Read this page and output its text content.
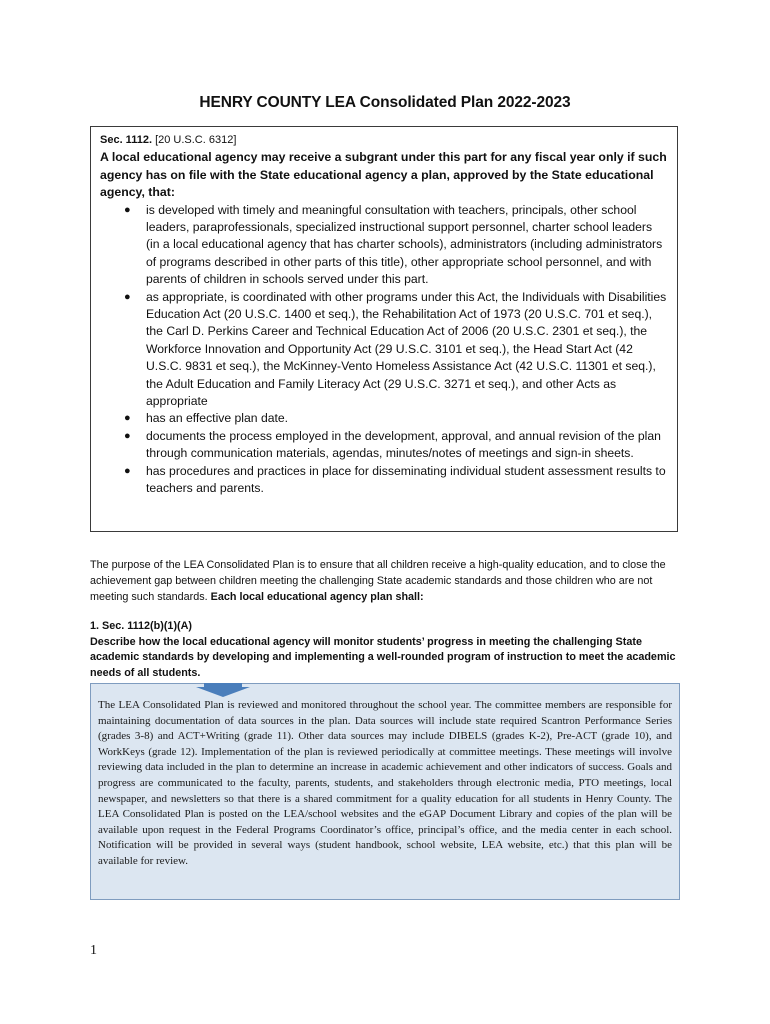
HENRY COUNTY LEA Consolidated Plan 2022-2023

Sec. 1112. [20 U.S.C. 6312]

A local educational agency may receive a subgrant under this part for any fiscal year only if such agency has on file with the State educational agency a plan, approved by the State educational agency, that:

● is developed with timely and meaningful consultation with teachers, principals, other school leaders, paraprofessionals, specialized instructional support personnel, charter school leaders (in a local educational agency that has charter schools), administrators (including administrators of programs described in other parts of this title), other appropriate school personnel, and with parents of children in schools served under this part.
● as appropriate, is coordinated with other programs under this Act, the Individuals with Disabilities Education Act (20 U.S.C. 1400 et seq.), the Rehabilitation Act of 1973 (20 U.S.C. 701 et seq.), the Carl D. Perkins Career and Technical Education Act of 2006 (20 U.S.C. 2301 et seq.), the Workforce Innovation and Opportunity Act (29 U.S.C. 3101 et seq.), the Head Start Act (42 U.S.C. 9831 et seq.), the McKinney-Vento Homeless Assistance Act (42 U.S.C. 11301 et seq.), the Adult Education and Family Literacy Act (29 U.S.C. 3271 et seq.), and other Acts as appropriate
● has an effective plan date.
● documents the process employed in the development, approval, and annual revision of the plan through communication materials, agendas, minutes/notes of meetings and sign-in sheets.
● has procedures and practices in place for disseminating individual student assessment results to teachers and parents.
The purpose of the LEA Consolidated Plan is to ensure that all children receive a high-quality education, and to close the achievement gap between children meeting the challenging State academic standards and those children who are not meeting such standards. Each local educational agency plan shall:
1. Sec. 1112(b)(1)(A)
Describe how the local educational agency will monitor students’ progress in meeting the challenging State academic standards by developing and implementing a well-rounded program of instruction to meet the academic needs of all students.
The LEA Consolidated Plan is reviewed and monitored throughout the school year. The committee members are responsible for maintaining documentation of data sources in the plan. Data sources will include state required Scantron Performance Series (grades 3-8) and ACT+Writing (grade 11). Other data sources may include DIBELS (grades K-2), Pre-ACT (grade 10), and WorkKeys (grade 12). Implementation of the plan is reviewed periodically at committee meetings. These meetings will involve reviewing data included in the plan to determine an increase in academic achievement and other indicators of success. Goals and progress are communicated to the faculty, parents, students, and stakeholders through electronic media, PTO meetings, local newspaper, and newsletters so that there is a shared commitment for a quality education for all students in Henry County. The LEA Consolidated Plan is posted on the LEA/school websites and the eGAP Document Library and copies of the plan will be available upon request in the Federal Programs Coordinator’s office, principal’s office, and the media center in each school. Notification will be provided in several ways (student handbook, school website, LEA website, etc.) that this plan will be available for review.
1
